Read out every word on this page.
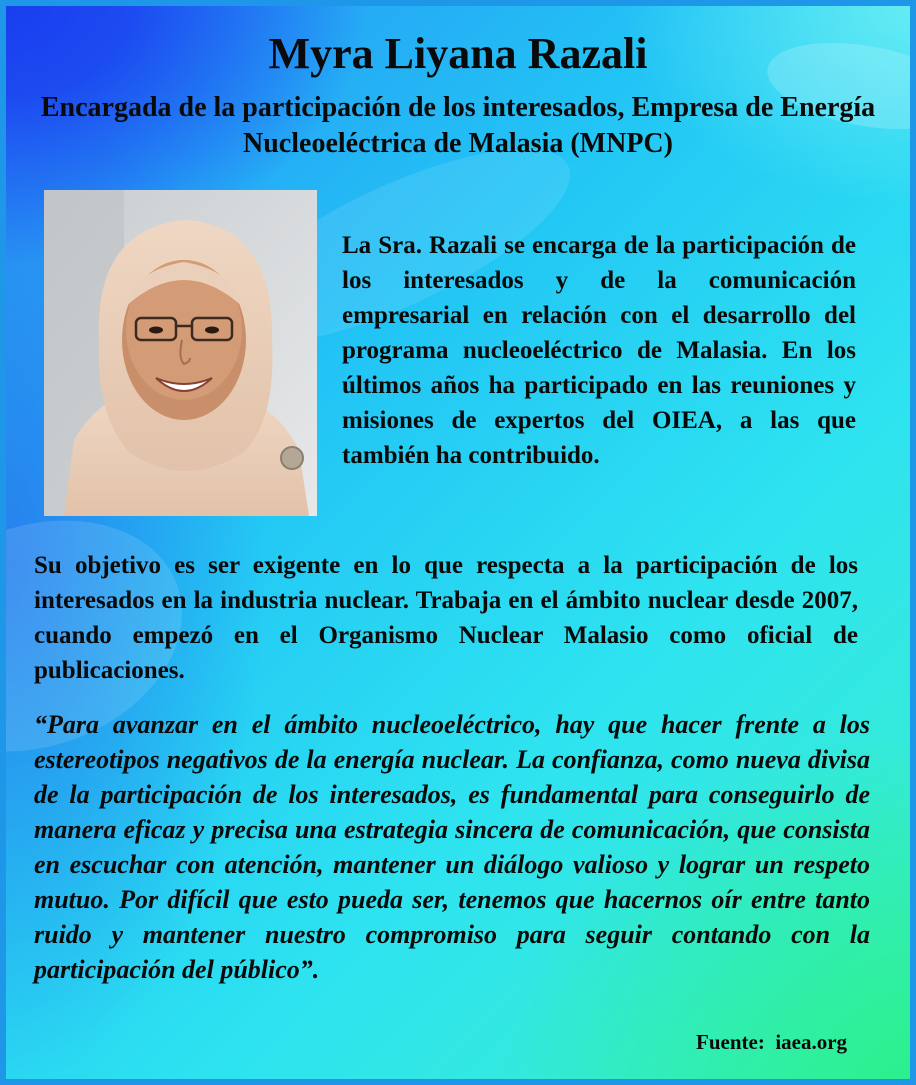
Myra Liyana Razali

Encargada de la participación de los interesados, Empresa de Energía Nucleoeléctrica de Malasia (MNPC)

La Sra. Razali se encarga de la participación de los interesados y de la comunicación empresarial en relación con el desarrollo del programa nucleoeléctrico de Malasia. En los últimos años ha participado en las reuniones y misiones de expertos del OIEA, a las que también ha contribuido.

Su objetivo es ser exigente en lo que respecta a la participación de los interesados en la industria nuclear. Trabaja en el ámbito nuclear desde 2007, cuando empezó en el Organismo Nuclear Malasio como oficial de publicaciones.

“Para avanzar en el ámbito nucleoeléctrico, hay que hacer frente a los estereotipos negativos de la energía nuclear. La confianza, como nueva divisa de la participación de los interesados, es fundamental para conseguirlo de manera eficaz y precisa una estrategia sincera de comunicación, que consista en escuchar con atención, mantener un diálogo valioso y lograr un respeto mutuo. Por difícil que esto pueda ser, tenemos que hacernos oír entre tanto ruido y mantener nuestro compromiso para seguir contando con la participación del público”.

Fuente:  iaea.org
